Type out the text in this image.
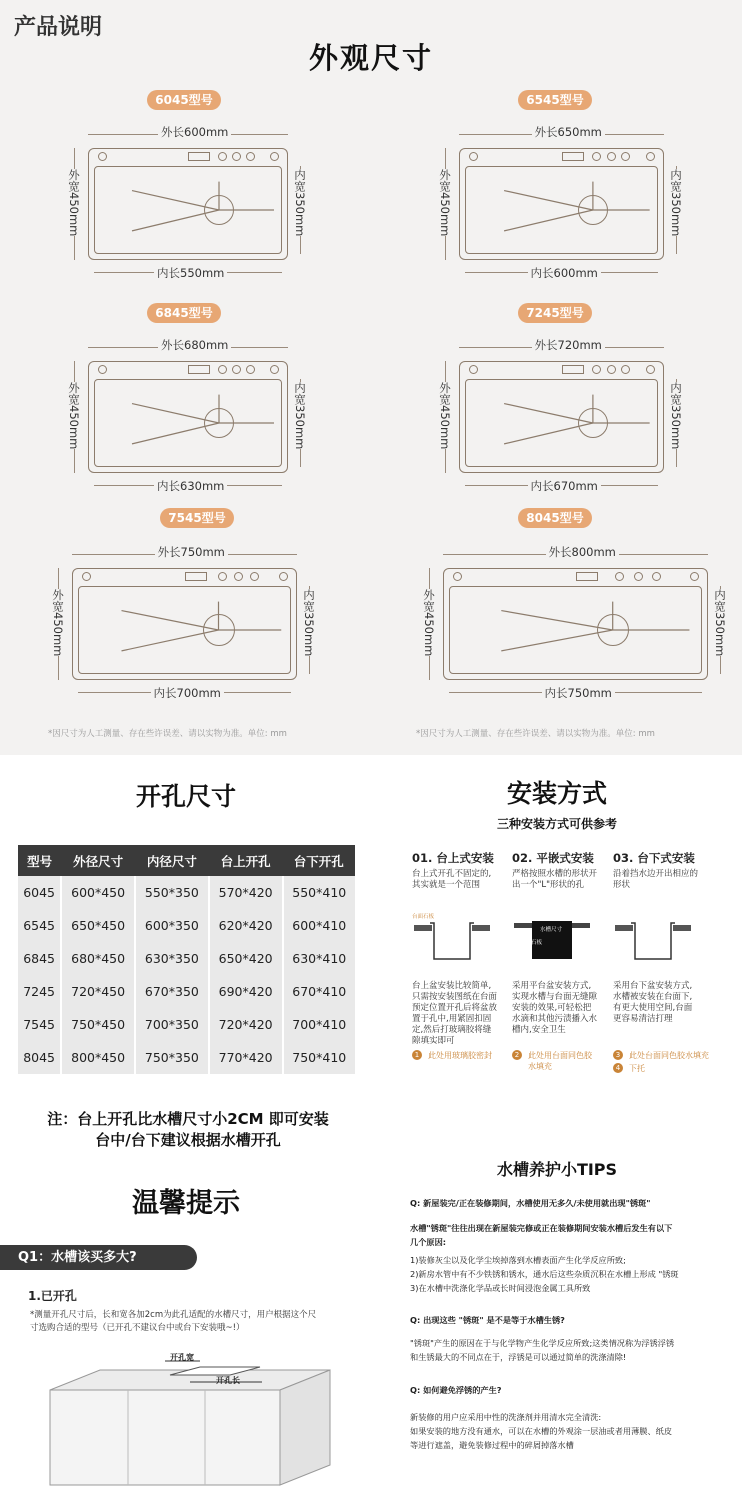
产品说明
外观尺寸
6045型号
外长600mm
外宽450mm	内宽350mm
内长550mm
6545型号
外长650mm
外宽450mm	内宽350mm
内长600mm
6845型号
外长680mm
外宽450mm	内宽350mm
内长630mm
7245型号
外长720mm
外宽450mm	内宽350mm
内长670mm
7545型号
外长750mm
外宽450mm	内宽350mm
内长700mm
8045型号
外长800mm
外宽450mm	内宽350mm
内长750mm
*因尺寸为人工测量、存在些许误差、请以实物为准。单位: mm	*因尺寸为人工测量、存在些许误差、请以实物为准。单位: mm
开孔尺寸
型号	外径尺寸	内径尺寸	台上开孔	台下开孔
6045	600*450	550*350	570*420	550*410
6545	650*450	600*350	620*420	600*410
6845	680*450	630*350	650*420	630*410
7245	720*450	670*350	690*420	670*410
7545	750*450	700*350	720*420	700*410
8045	800*450	750*350	770*420	750*410
注：台上开孔比水槽尺寸小2CM 即可安装
台中/台下建议根据水槽开孔
安装方式
三种安装方式可供参考
01. 台上式安装
台上式开孔不固定的,
其实就是一个范围
台面石板
台上盆安装比较简单,
只需按安装图纸在台面
预定位置开孔后将盆放
置于孔中,用紧固扣固
定,然后打玻璃胶将缝
隙填实即可
1	此处用玻璃胶密封
02. 平嵌式安装
严格按照水槽的形状开
出一个"L"形状的孔
台面石板
水槽尺寸
采用平台盆安装方式,
实现水槽与台面无缝隙
安装的效果,可轻松把
水滴和其他污渍播入水
槽内,安全卫生
2	此处用台面同色胶
水填充
03. 台下式安装
沿着挡水边开出相应的
形状
采用台下盆安装方式,
水槽被安装在台面下,
有更大使用空间,台面
更容易清洁打理
3	此处台面同色胶水填充
4	下托
温馨提示
Q1：水槽该买多大?
1.已开孔
*测量开孔尺寸后，长和宽各加2cm为此孔适配的水槽尺寸，用户根据这个尺
寸选购合适的型号（已开孔不建议台中或台下安装哦~!）
开孔宽
开孔长
水槽养护小TIPS

Q: 新屋装完/正在装修期间，水槽使用无多久/未使用就出现"锈斑"

水槽"锈斑"往往出现在新屋装完修或正在装修期间安装水槽后发生有以下

几个原因:

1)装修灰尘以及化学尘埃掉落到水槽表面产生化学反应所致;

2)新房水管中有不少铁锈和锈水，通水后这些杂质沉积在水槽上形成 "锈斑

3)在水槽中洗涤化学品或长时间浸泡金属工具所致

Q: 出现这些 "锈斑" 是不是等于水槽生锈?

"锈斑"产生的原因在于与化学物产生化学反应所致;这类情况称为浮锈浮锈

和生锈最大的不同点在于，浮锈是可以通过简单的洗涤清除!

Q: 如何避免浮锈的产生?

新装修的用户应采用中性的洗涤剂并用清水完全清洗:

如果安装的地方没有通水，可以在水槽的外观涂一层油或者用薄膜、纸皮

等进行遮盖，避免装修过程中的碎屑掉落水槽
